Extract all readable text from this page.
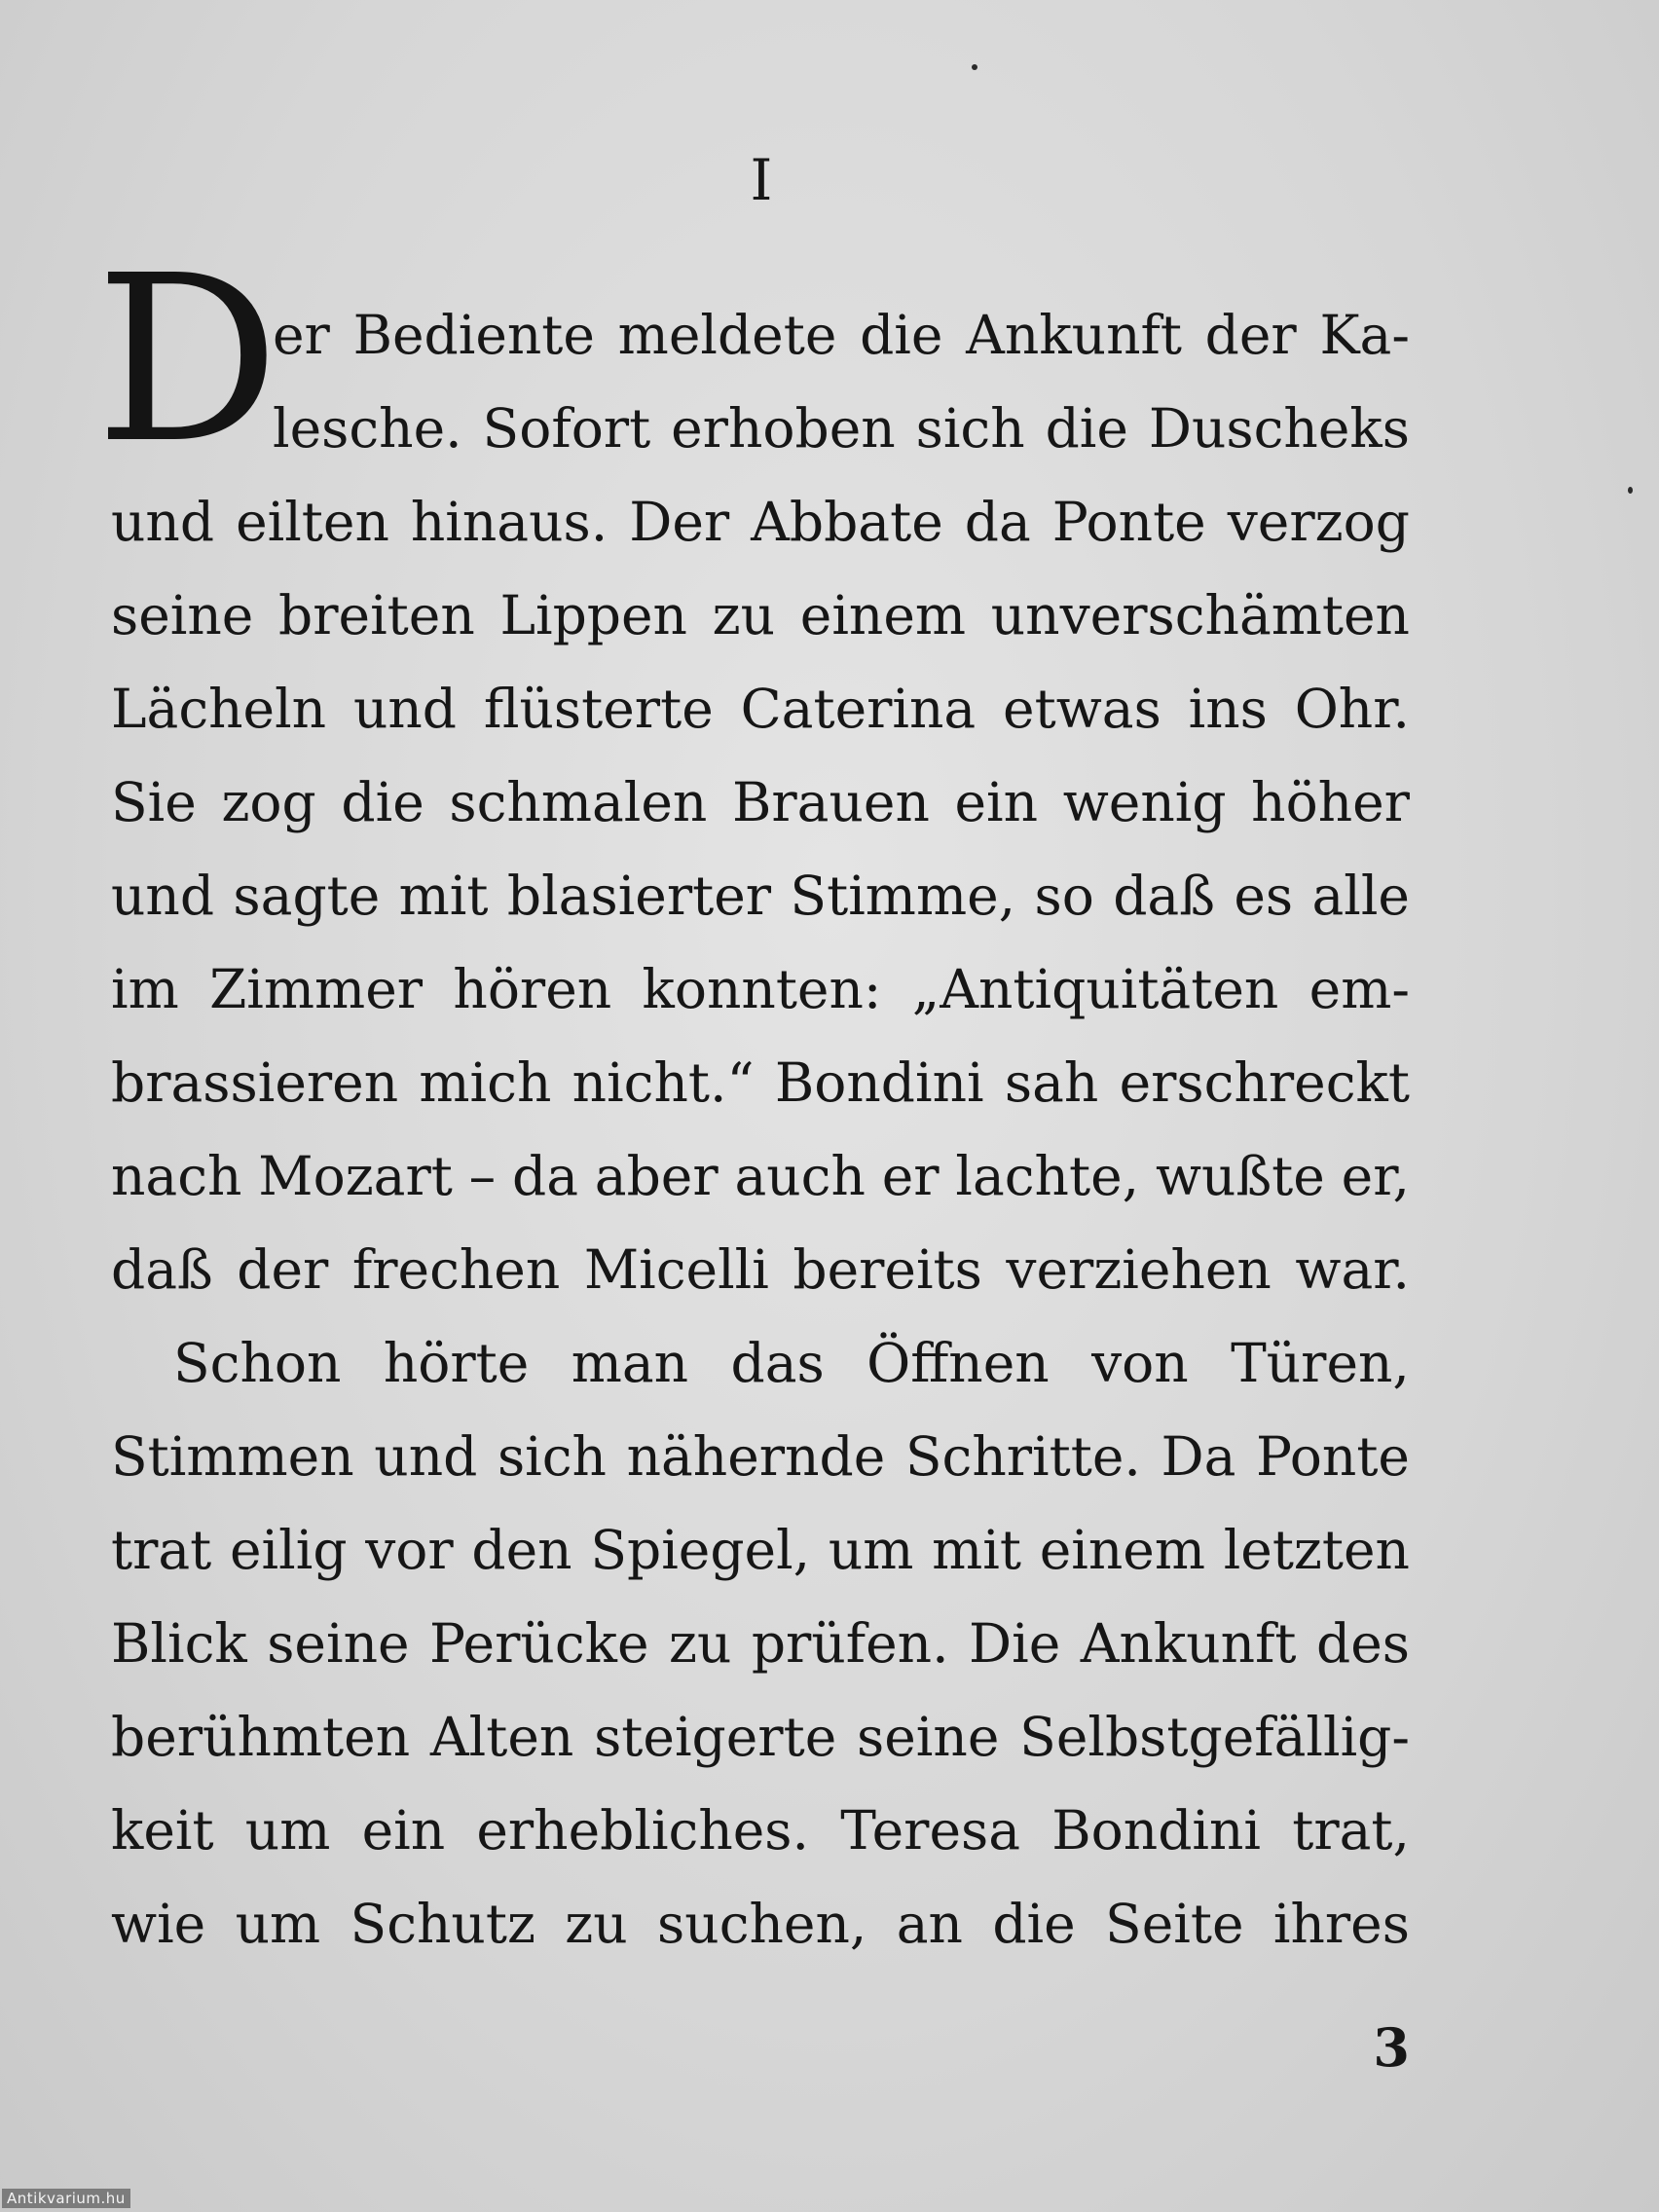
I
D
er Bediente meldete die Ankunft der Ka-
lesche. Sofort erhoben sich die Duscheks
und eilten hinaus. Der Abbate da Ponte verzog
seine breiten Lippen zu einem unverschämten
Lächeln und flüsterte Caterina etwas ins Ohr.
Sie zog die schmalen Brauen ein wenig höher
und sagte mit blasierter Stimme, so daß es alle
im Zimmer hören konnten: „Antiquitäten em-
brassieren mich nicht.“ Bondini sah erschreckt
nach Mozart – da aber auch er lachte, wußte er,
daß der frechen Micelli bereits verziehen war.
Schon hörte man das Öffnen von Türen,
Stimmen und sich nähernde Schritte. Da Ponte
trat eilig vor den Spiegel, um mit einem letzten
Blick seine Perücke zu prüfen. Die Ankunft des
berühmten Alten steigerte seine Selbstgefällig-
keit um ein erhebliches. Teresa Bondini trat,
wie um Schutz zu suchen, an die Seite ihres
3
Antikvarium.hu
